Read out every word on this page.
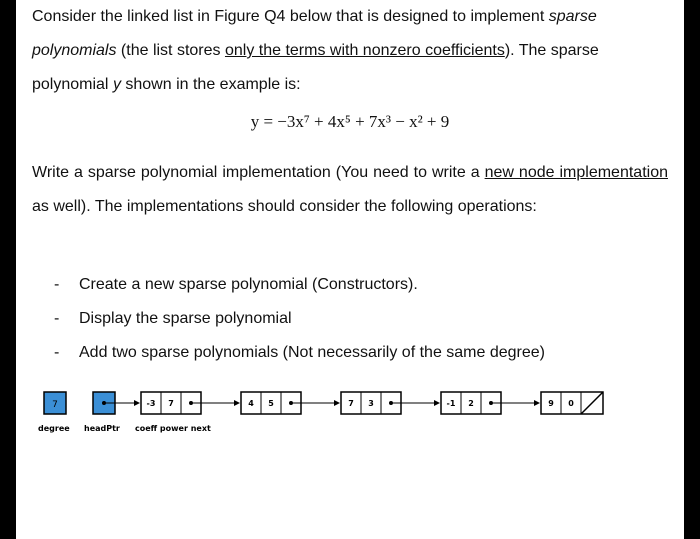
Consider the linked list in Figure Q4 below that is designed to implement sparse polynomials (the list stores only the terms with nonzero coefficients). The sparse polynomial y shown in the example is:

y = −3x⁷ + 4x⁵ + 7x³ − x² + 9

Write a sparse polynomial implementation (You need to write a new node implementation as well). The implementations should consider the following operations:

- Create a new sparse polynomial (Constructors).
- Display the sparse polynomial
- Add two sparse polynomials (Not necessarily of the same degree)
7	-3 7	4 5	7 3	-1 2	9 0
degree headPtr coeff power next
